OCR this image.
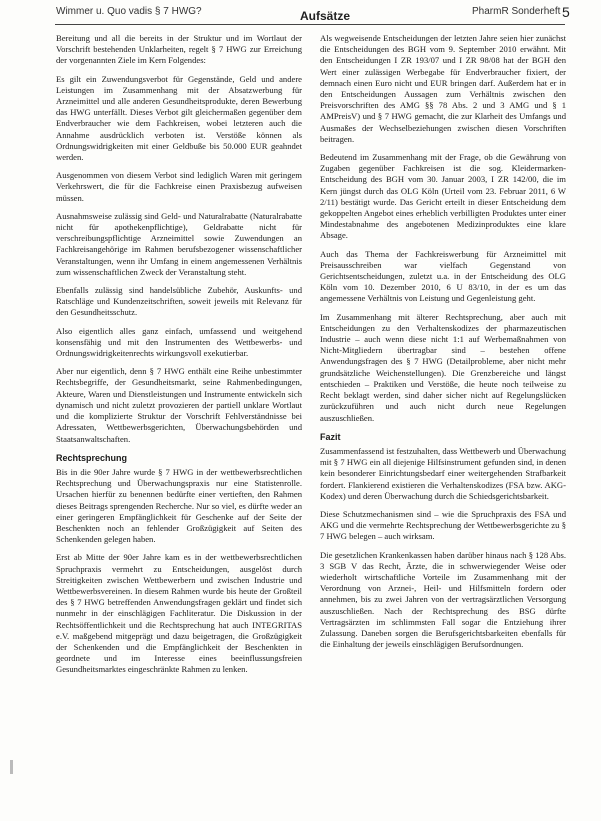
Wimmer u. Quo vadis § 7 HWG?	Aufsätze	PharmR Sonderheft 5

Bereitung und all die bereits in der Struktur und im Wortlaut der Vorschrift bestehenden Unklarheiten, regelt § 7 HWG zur Erreichung der vorgenannten Ziele im Kern Folgendes:

Es gilt ein Zuwendungsverbot für Gegenstände, Geld und andere Leistungen im Zusammenhang mit der Absatzwerbung für Arzneimittel und alle anderen Gesundheitsprodukte, deren Bewerbung das HWG unterfällt. Dieses Verbot gilt gleichermaßen gegenüber dem Endverbraucher wie dem Fachkreisen, wobei letzteren auch die Annahme ausdrücklich verboten ist. Verstöße können als Ordnungswidrigkeiten mit einer Geldbuße bis 50.000 EUR geahndet werden.

Ausgenommen von diesem Verbot sind lediglich Waren mit geringem Verkehrswert, die für die Fachkreise einen Praxisbezug aufweisen müssen.

Ausnahmsweise zulässig sind Geld- und Naturalrabatte (Naturalrabatte nicht für apothekenpflichtige), Geldrabatte nicht für verschreibungspflichtige Arzneimittel sowie Zuwendungen an Fachkreisangehörige im Rahmen berufsbezogener wissenschaftlicher Veranstaltungen, wenn ihr Umfang in einem angemessenen Verhältnis zum wissenschaftlichen Zweck der Veranstaltung steht.

Ebenfalls zulässig sind handelsübliche Zubehör, Auskunfts- und Ratschläge und Kundenzeitschriften, soweit jeweils mit Relevanz für den Gesundheitsschutz.

Also eigentlich alles ganz einfach, umfassend und weitgehend konsensfähig und mit den Instrumenten des Wettbewerbs- und Ordnungswidrigkeitenrechts wirkungsvoll exekutierbar.

Aber nur eigentlich, denn § 7 HWG enthält eine Reihe unbestimmter Rechtsbegriffe, der Gesundheitsmarkt, seine Rahmenbedingungen, Akteure, Waren und Dienstleistungen und Instrumente entwickeln sich dynamisch und nicht zuletzt provozieren der partiell unklare Wortlaut und die komplizierte Struktur der Vorschrift Fehlverständnisse bei Adressaten, Wettbewerbsgerichten, Überwachungsbehörden und Staatsanwaltschaften.

Rechtsprechung

Bis in die 90er Jahre wurde § 7 HWG in der wettbewerbsrechtlichen Rechtsprechung und Überwachungspraxis nur eine Statistenrolle. Ursachen hierfür zu benennen bedürfte einer vertieften, den Rahmen dieses Beitrags sprengenden Recherche. Nur so viel, es dürfte weder an einer geringeren Empfänglichkeit für Geschenke auf der Seite der Beschenkten noch an fehlender Großzügigkeit auf Seiten des Schenkenden gelegen haben.

Erst ab Mitte der 90er Jahre kam es in der wettbewerbsrechtlichen Spruchpraxis vermehrt zu Entscheidungen, ausgelöst durch Streitigkeiten zwischen Wettbewerbern und zwischen Industrie und Wettbewerbsvereinen. In diesem Rahmen wurde bis heute der Großteil des § 7 HWG betreffenden Anwendungsfragen geklärt und findet sich nunmehr in der einschlägigen Fachliteratur. Die Diskussion in der Rechtsöffentlichkeit und die Rechtsprechung hat auch INTEGRITAS e.V. maßgebend mitgeprägt und dazu beigetragen, die Großzügigkeit der Schenkenden und die Empfänglichkeit der Beschenkten in geordnete und im Interesse eines beeinflussungsfreien Gesundheitsmarktes eingeschränkte Rahmen zu lenken.

Als wegweisende Entscheidungen der letzten Jahre seien hier zunächst die Entscheidungen des BGH vom 9. September 2010 erwähnt. Mit den Entscheidungen I ZR 193/07 und I ZR 98/08 hat der BGH den Wert einer zulässigen Werbegabe für Endverbraucher fixiert, der demnach einen Euro nicht und EUR bringen darf. Außerdem hat er in den Entscheidungen Aussagen zum Verhältnis zwischen den Preisvorschriften des AMG §§ 78 Abs. 2 und 3 AMG und § 1 AMPreisV) und § 7 HWG gemacht, die zur Klarheit des Umfangs und Ausmaßes der Wechselbeziehungen zwischen diesen Vorschriften beitragen.

Bedeutend im Zusammenhang mit der Frage, ob die Gewährung von Zugaben gegenüber Fachkreisen ist die sog. Kleidermarken-Entscheidung des BGH vom 30. Januar 2003, I ZR 142/00, die im Kern jüngst durch das OLG Köln (Urteil vom 23. Februar 2011, 6 W 2/11) bestätigt wurde. Das Gericht erteilt in dieser Entscheidung dem gekoppelten Angebot eines erheblich verbilligten Produktes unter einer Mindestabnahme des angebotenen Medizinproduktes eine klare Absage.

Auch das Thema der Fachkreiswerbung für Arzneimittel mit Preisausschreiben war vielfach Gegenstand von Gerichtsentscheidungen, zuletzt u.a. in der Entscheidung des OLG Köln vom 10. Dezember 2010, 6 U 83/10, in der es um das angemessene Verhältnis von Leistung und Gegenleistung geht.

Im Zusammenhang mit älterer Rechtsprechung, aber auch mit Entscheidungen zu den Verhaltenskodizes der pharmazeutischen Industrie – auch wenn diese nicht 1:1 auf Werbemaßnahmen von Nicht-Mitgliedern übertragbar sind – bestehen offene Anwendungsfragen des § 7 HWG (Detailprobleme, aber nicht mehr grundsätzliche Weichenstellungen). Die Grenzbereiche und längst entschieden – Praktiken und Verstöße, die heute noch teilweise zu Recht beklagt werden, sind daher sicher nicht auf Regelungslücken zurückzuführen und auch nicht durch neue Regelungen auszuschließen.

Fazit

Zusammenfassend ist festzuhalten, dass Wettbewerb und Überwachung mit § 7 HWG ein all diejenige Hilfsinstrument gefunden sind, in denen kein besonderer Einrichtungsbedarf einer weitergehenden Strafbarkeit fordert. Flankierend existieren die Verhaltenskodizes (FSA bzw. AKG-Kodex) und deren Überwachung durch die Schiedsgerichtsbarkeit.

Diese Schutzmechanismen sind – wie die Spruchpraxis des FSA und AKG und die vermehrte Rechtsprechung der Wettbewerbsgerichte zu § 7 HWG belegen – auch wirksam.

Die gesetzlichen Krankenkassen haben darüber hinaus nach § 128 Abs. 3 SGB V das Recht, Ärzte, die in schwerwiegender Weise oder wiederholt wirtschaftliche Vorteile im Zusammenhang mit der Verordnung von Arznei-, Heil- und Hilfsmitteln fordern oder annehmen, bis zu zwei Jahren von der vertragsärztlichen Versorgung auszuschließen. Nach der Rechtsprechung des BSG dürfte Vertragsärzten im schlimmsten Fall sogar die Entziehung ihrer Zulassung. Daneben sorgen die Berufsgerichtsbarkeiten ebenfalls für die Einhaltung der jeweils einschlägigen Berufsordnungen.
